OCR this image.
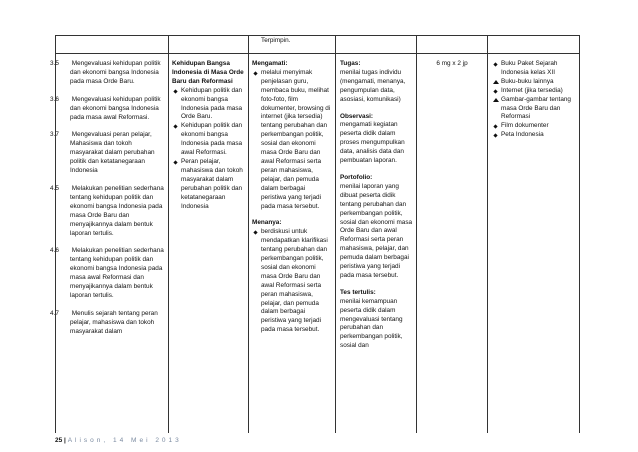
Terpimpin.

3.5 Mengevaluasi kehidupan politik dan ekonomi bangsa Indonesia pada masa Orde Baru.

3.6 Mengevaluasi kehidupan politik dan ekonomi bangsa Indonesia pada masa awal Reformasi.

3.7 Mengevaluasi peran pelajar, Mahasiswa dan tokoh masyarakat dalam perubahan politik dan ketatanegaraan Indonesia

4.5 Melakukan penelitian sederhana tentang kehidupan politik dan ekonomi bangsa Indonesia pada masa Orde Baru dan menyajikannya dalam bentuk laporan tertulis.

4.6 Melakukan penelitian sederhana tentang kehidupan politik dan ekonomi bangsa Indonesia pada masa awal Reformasi dan menyajikannya dalam bentuk laporan tertulis.

4.7 Menulis sejarah tentang peran pelajar, mahasiswa dan tokoh masyarakat dalam

Kehidupan Bangsa Indonesia di Masa Orde Baru dan Reformasi
Kehidupan politik dan ekonomi bangsa Indonesia pada masa Orde Baru.
Kehidupan politik dan ekonomi bangsa Indonesia pada masa awal Reformasi.
Peran pelajar, mahasiswa dan tokoh masyarakat dalam perubahan politik dan ketatanegaraan Indonesia
Mengamati:
melalui menyimak penjelasan guru, membaca buku, melihat foto-foto, film dokumenter, browsing di internet (jika tersedia) tentang perubahan dan perkembangan politik, sosial dan ekonomi masa Orde Baru dan awal Reformasi serta peran mahasiswa, pelajar, dan pemuda dalam berbagai peristiwa yang terjadi pada masa tersebut.
Menanya:
berdiskusi untuk mendapatkan klarifikasi tentang perubahan dan perkembangan politik, sosial dan ekonomi masa Orde Baru dan awal Reformasi serta peran mahasiswa, pelajar, dan pemuda dalam berbagai peristiwa yang terjadi pada masa tersebut.
Tugas:
menilai tugas individu (mengamati, menanya, pengumpulan data, asosiasi, komunikasi)
Observasi:
mengamati kegiatan peserta didik dalam proses mengumpulkan data, analisis data dan pembuatan laporan.
Portofolio:
menilai laporan yang dibuat peserta didik tentang perubahan dan perkembangan politik, sosial dan ekonomi masa Orde Baru dan awal Reformasi serta peran mahasiswa, pelajar, dan pemuda dalam berbagai peristiwa yang terjadi pada masa tersebut.
Tes tertulis:
menilai kemampuan peserta didik dalam mengevaluasi tentang perubahan dan perkembangan politik, sosial dan
6 mg x 2 jp	Buku Paket Sejarah Indonesia kelas XII
Buku-buku lainnya
Internet (jika tersedia)
Gambar-gambar tentang masa Orde Baru dan Reformasi
Film dokumenter
Peta Indonesia
25 | Alison, 14 Mei 2013
